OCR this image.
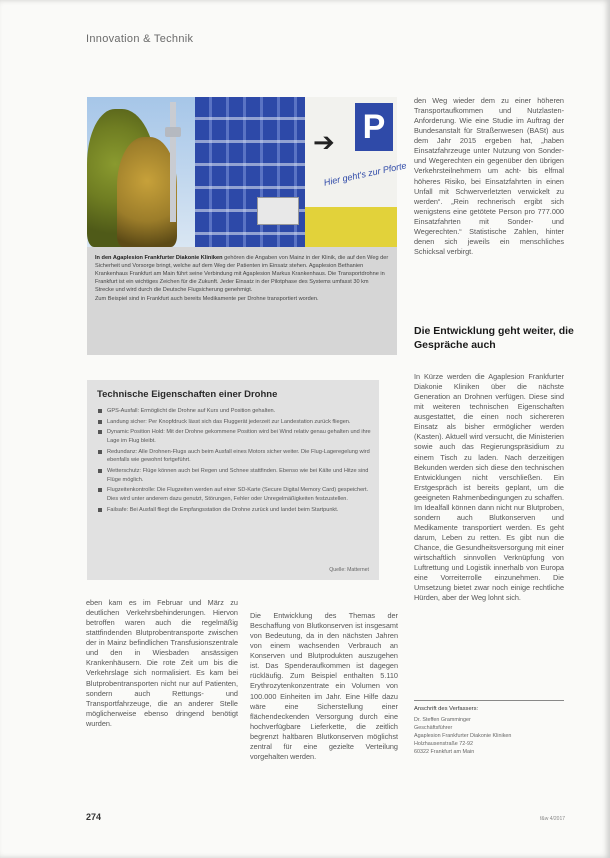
Innovation & Technik
P
➔
Hier geht's zur Pforte
In den Agaplesion Frankfurter Diakonie Kliniken gehören die Angaben von Mainz in der Klinik, die auf den Weg der Sicherheit und Vorsorge bringt, welche auf dem Weg der Patienten im Einsatz stehen. Agaplesion Bethanien Krankenhaus Frankfurt am Main führt seine Verbindung mit Agaplesion Markus Krankenhaus. Die Transportdrohne in Frankfurt ist ein wichtiges Zeichen für die Zukunft. Jeder Einsatz in der Pilotphase des Systems umfasst 30 km Strecke und wird durch die Deutsche Flugsicherung genehmigt.
Zum Beispiel sind in Frankfurt auch bereits Medikamente per Drohne transportiert worden.

den Weg wieder dem zu einer höheren Transportaufkommen und Nutzlasten-Anforderung. Wie eine Studie im Auftrag der Bundesanstalt für Straßenwesen (BASt) aus dem Jahr 2015 ergeben hat, „haben Einsatzfahrzeuge unter Nutzung von Sonder- und Wegerechten ein gegenüber den übrigen Verkehrsteilnehmern um acht- bis elfmal höheres Risiko, bei Einsatzfahrten in einen Unfall mit Schwerverletzten verwickelt zu werden“. „Rein rechnerisch ergibt sich wenigstens eine getötete Person pro 777.000 Einsatzfahrten mit Sonder- und Wegerechten.“ Statistische Zahlen, hinter denen sich jeweils ein menschliches Schicksal verbirgt.

Die Entwicklung geht weiter, die Gespräche auch

In Kürze werden die Agaplesion Frankfurter Diakonie Kliniken über die nächste Generation an Drohnen verfügen. Diese sind mit weiteren technischen Eigenschaften ausgestattet, die einen noch sichereren Einsatz als bisher ermöglicher werden (Kasten). Aktuell wird versucht, die Ministerien sowie auch das Regierungspräsidium zu einem Tisch zu laden. Nach derzeitigen Bekunden werden sich diese den technischen Entwicklungen nicht verschließen. Ein Erstgespräch ist bereits geplant, um die geeigneten Rahmenbedingungen zu schaffen. Im Idealfall können dann nicht nur Blutproben, sondern auch Blutkonserven und Medikamente transportiert werden. Es geht darum, Leben zu retten. Es gibt nun die Chance, die Gesundheitsversorgung mit einer wirtschaftlich sinnvollen Verknüpfung von Luftrettung und Logistik innerhalb von Europa eine Vorreiterrolle einzunehmen. Die Umsetzung bietet zwar noch einige rechtliche Hürden, aber der Weg lohnt sich.

Technische Eigenschaften einer Drohne
GPS-Ausfall: Ermöglicht die Drohne auf Kurs und Position gehalten.
Landung sicher: Per Knopfdruck lässt sich das Fluggerät jederzeit zur Landestation zurück fliegen.
Dynamic Position Hold: Mit der Drohne gekommene Position wird bei Wind relativ genau gehalten und ihre Lage im Flug bleibt.
Redundanz: Alle Drohnen-Flugs auch beim Ausfall eines Motors sicher weiter. Die Flug-Lageregelung wird ebenfalls wie gewohnt fortgeführt.
Wetterschutz: Flüge können auch bei Regen und Schnee stattfinden. Ebenso wie bei Kälte und Hitze sind Flüge möglich.
Flugzeitenkontrolle: Die Flugzeiten werden auf einer SD-Karte (Secure Digital Memory Card) gespeichert. Dies wird unter anderem dazu genutzt, Störungen, Fehler oder Unregelmäßigkeiten festzustellen.
Failsafe: Bei Ausfall fliegt die Empfangsstation die Drohne zurück und landet beim Startpunkt.
Quelle: Matternet

eben kam es im Februar und März zu deutlichen Verkehrsbehinderungen. Hiervon betroffen waren auch die regelmäßig stattfindenden Blutprobentransporte zwischen der in Mainz befindlichen Transfusionszentrale und den in Wiesbaden ansässigen Krankenhäusern. Die rote Zeit um bis die Verkehrslage sich normalisiert. Es kam bei Blutprobentransporten nicht nur auf Patienten, sondern auch Rettungs- und Transportfahrzeuge, die an anderer Stelle möglicherweise ebenso dringend benötigt wurden.

Die Entwicklung des Themas der Beschaffung von Blutkonserven ist insgesamt von Bedeutung, da in den nächsten Jahren von einem wachsenden Verbrauch an Konserven und Blutprodukten auszugehen ist. Das Spenderaufkommen ist dagegen rückläufig. Zum Beispiel enthalten 5.110 Erythrozytenkonzentrate ein Volumen von 100.000 Einheiten im Jahr. Eine Hilfe dazu wäre eine Sicherstellung einer flächendeckenden Versorgung durch eine hochverfügbare Lieferkette, die zeitlich begrenzt haltbaren Blutkonserven möglichst zentral für eine gezielte Verteilung vorgehalten werden.

Anschrift des Verfassers:
Dr. Steffen Gramminger
Geschäftsführer
Agaplesion Frankfurter Diakonie Kliniken
Holzhausenstraße 72-92
60322 Frankfurt am Main
274	f&w 4/2017
